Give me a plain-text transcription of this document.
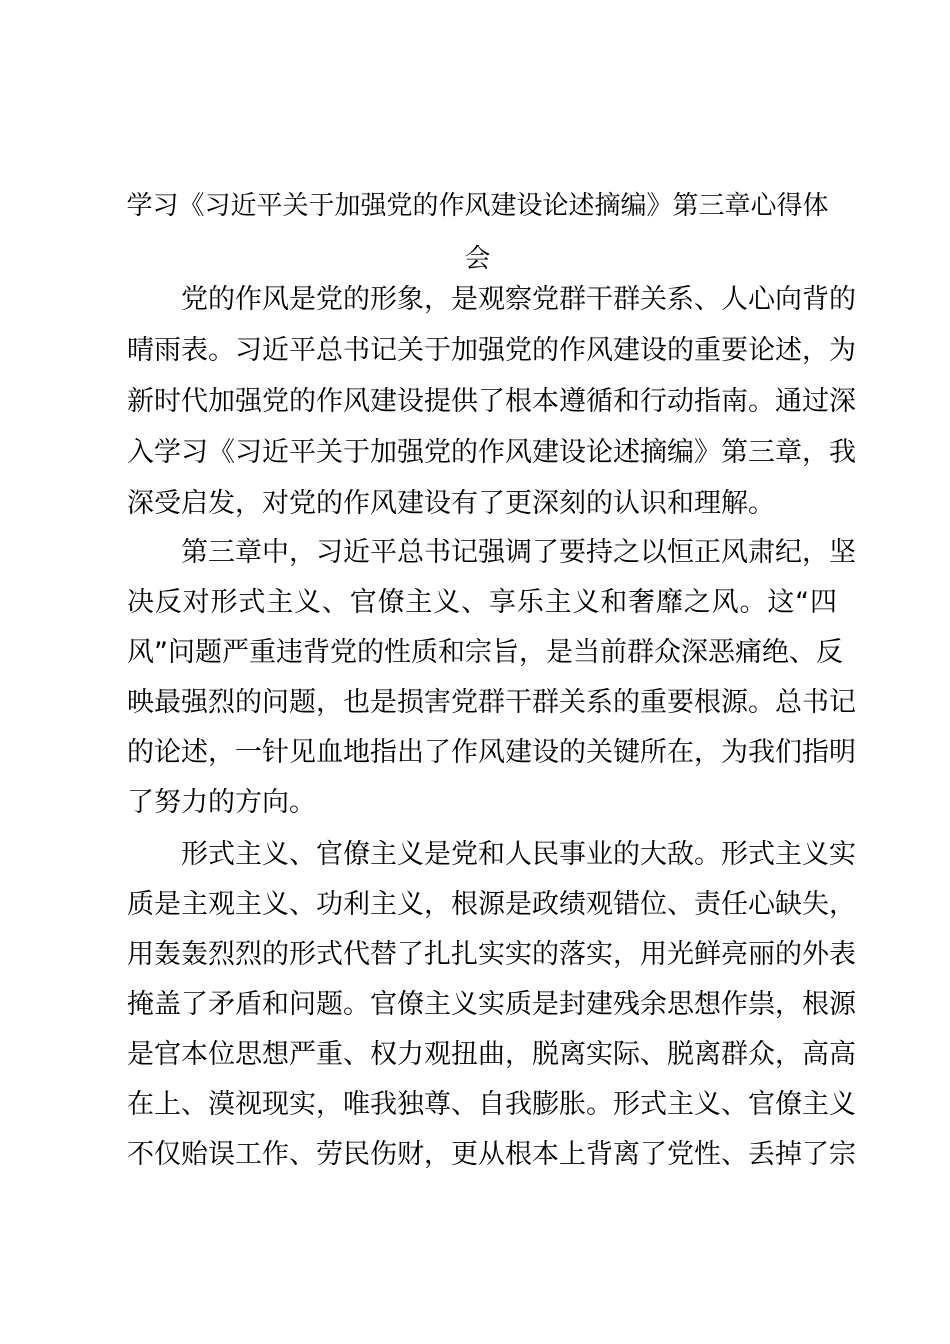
学习《习近平关于加强党的作风建设论述摘编》第三章心得体
会
党的作风是党的形象，是观察党群干群关系、人心向背的
晴雨表。习近平总书记关于加强党的作风建设的重要论述，为
新时代加强党的作风建设提供了根本遵循和行动指南。通过深
入学习《习近平关于加强党的作风建设论述摘编》第三章，我
深受启发，对党的作风建设有了更深刻的认识和理解。
第三章中，习近平总书记强调了要持之以恒正风肃纪，坚
决反对形式主义、官僚主义、享乐主义和奢靡之风。这“四
风”问题严重违背党的性质和宗旨，是当前群众深恶痛绝、反
映最强烈的问题，也是损害党群干群关系的重要根源。总书记
的论述，一针见血地指出了作风建设的关键所在，为我们指明
了努力的方向。
形式主义、官僚主义是党和人民事业的大敌。形式主义实
质是主观主义、功利主义，根源是政绩观错位、责任心缺失，
用轰轰烈烈的形式代替了扎扎实实的落实，用光鲜亮丽的外表
掩盖了矛盾和问题。官僚主义实质是封建残余思想作祟，根源
是官本位思想严重、权力观扭曲，脱离实际、脱离群众，高高
在上、漠视现实，唯我独尊、自我膨胀。形式主义、官僚主义
不仅贻误工作、劳民伤财，更从根本上背离了党性、丢掉了宗
